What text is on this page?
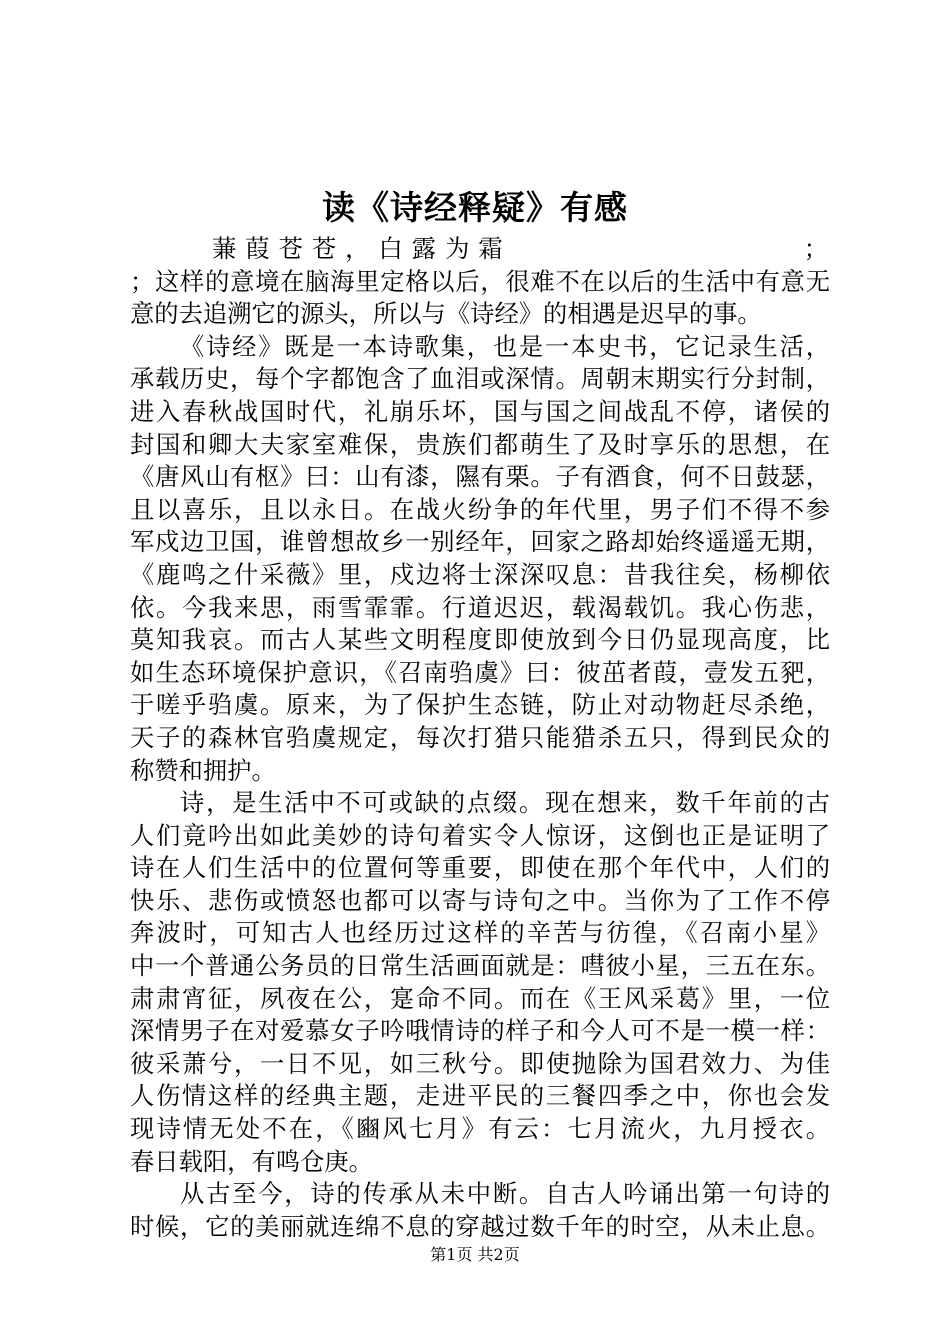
读《诗经释疑》有感
蒹葭苍苍，白露为霜	；
；这样的意境在脑海里定格以后，很难不在以后的生活中有意无
意的去追溯它的源头，所以与《诗经》的相遇是迟早的事。
《诗经》既是一本诗歌集，也是一本史书，它记录生活，
承载历史，每个字都饱含了血泪或深情。周朝末期实行分封制，
进入春秋战国时代，礼崩乐坏，国与国之间战乱不停，诸侯的
封国和卿大夫家室难保，贵族们都萌生了及时享乐的思想，在
《唐风山有枢》曰：山有漆，隰有栗。子有酒食，何不日鼓瑟，
且以喜乐，且以永日。在战火纷争的年代里，男子们不得不参
军戍边卫国，谁曾想故乡一别经年，回家之路却始终遥遥无期，
《鹿鸣之什采薇》里，戍边将士深深叹息：昔我往矣，杨柳依
依。今我来思，雨雪霏霏。行道迟迟，载渴载饥。我心伤悲，
莫知我哀。而古人某些文明程度即使放到今日仍显现高度，比
如生态环境保护意识，《召南驺虞》曰：彼茁者葭，壹发五豝，
于嗟乎驺虞。原来，为了保护生态链，防止对动物赶尽杀绝，
天子的森林官驺虞规定，每次打猎只能猎杀五只，得到民众的
称赞和拥护。
诗，是生活中不可或缺的点缀。现在想来，数千年前的古
人们竟吟出如此美妙的诗句着实令人惊讶，这倒也正是证明了
诗在人们生活中的位置何等重要，即使在那个年代中，人们的
快乐、悲伤或愤怒也都可以寄与诗句之中。当你为了工作不停
奔波时，可知古人也经历过这样的辛苦与彷徨，《召南小星》
中一个普通公务员的日常生活画面就是：嘒彼小星，三五在东。
肃肃宵征，夙夜在公，寔命不同。而在《王风采葛》里，一位
深情男子在对爱慕女子吟哦情诗的样子和今人可不是一模一样：
彼采萧兮，一日不见，如三秋兮。即使抛除为国君效力、为佳
人伤情这样的经典主题，走进平民的三餐四季之中，你也会发
现诗情无处不在，《豳风七月》有云：七月流火，九月授衣。
春日载阳，有鸣仓庚。
从古至今，诗的传承从未中断。自古人吟诵出第一句诗的
时候，它的美丽就连绵不息的穿越过数千年的时空，从未止息。
第1页 共2页
